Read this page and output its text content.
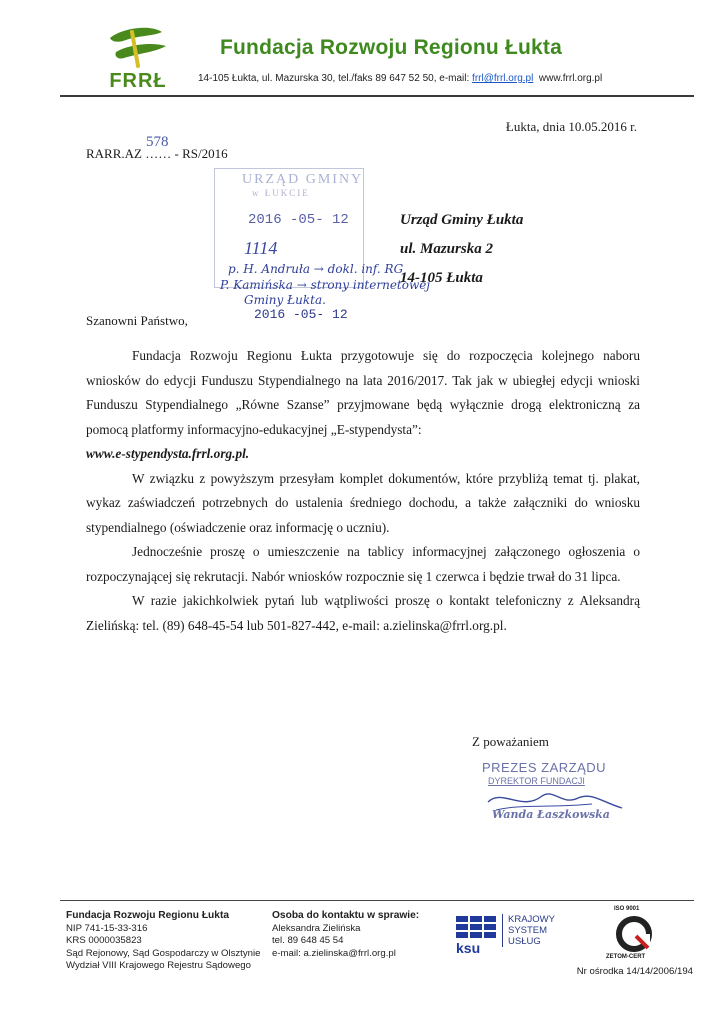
FRRŁ
Fundacja Rozwoju Regionu Łukta
14-105 Łukta, ul. Mazurska 30, tel./faks 89 647 52 50, e-mail: frrl@frrl.org.pl www.frrl.org.pl
Łukta, dnia 10.05.2016 r.
RARR.AZ …… - RS/2016
578
URZĄD GMINY
w ŁUKCIE
2016 -05- 12
1114
p. H. Andruła → dokl. inf. RG
P. Kamińska → strony internetowej
Gminy Łukta.
2016 -05- 12
Urząd Gminy Łukta
ul. Mazurska 2
14-105 Łukta
Szanowni Państwo,

Fundacja Rozwoju Regionu Łukta przygotowuje się do rozpoczęcia kolejnego naboru wniosków do edycji Funduszu Stypendialnego na lata 2016/2017. Tak jak w ubiegłej edycji wnioski Funduszu Stypendialnego „Równe Szanse” przyjmowane będą wyłącznie drogą elektroniczną za pomocą platformy informacyjno-edukacyjnej „E-stypendysta”:
www.e-stypendysta.frrl.org.pl.

W związku z powyższym przesyłam komplet dokumentów, które przybliżą temat tj. plakat, wykaz zaświadczeń potrzebnych do ustalenia średniego dochodu, a także załączniki do wniosku stypendialnego (oświadczenie oraz informację o uczniu).

Jednocześnie proszę o umieszczenie na tablicy informacyjnej załączonego ogłoszenia o rozpoczynającej się rekrutacji. Nabór wniosków rozpocznie się 1 czerwca i będzie trwał do 31 lipca.

W razie jakichkolwiek pytań lub wątpliwości proszę o kontakt telefoniczny z Aleksandrą Zielińską: tel. (89) 648-45-54 lub 501-827-442, e-mail: a.zielinska@frrl.org.pl.

Z poważaniem
PREZES ZARZĄDU
DYREKTOR FUNDACJI
Wanda Łaszkowska
Fundacja Rozwoju Regionu Łukta
NIP 741-15-33-316
KRS 0000035823
Sąd Rejonowy, Sąd Gospodarczy w Olsztynie
Wydział VIII Krajowego Rejestru Sądowego
Osoba do kontaktu w sprawie:
Aleksandra Zielińska
tel. 89 648 45 54
e-mail: a.zielinska@frrl.org.pl	ksu
KRAJOWY
SYSTEM
USŁUG
ISO 9001
ZETOM-CERT
Nr ośrodka 14/14/2006/194
